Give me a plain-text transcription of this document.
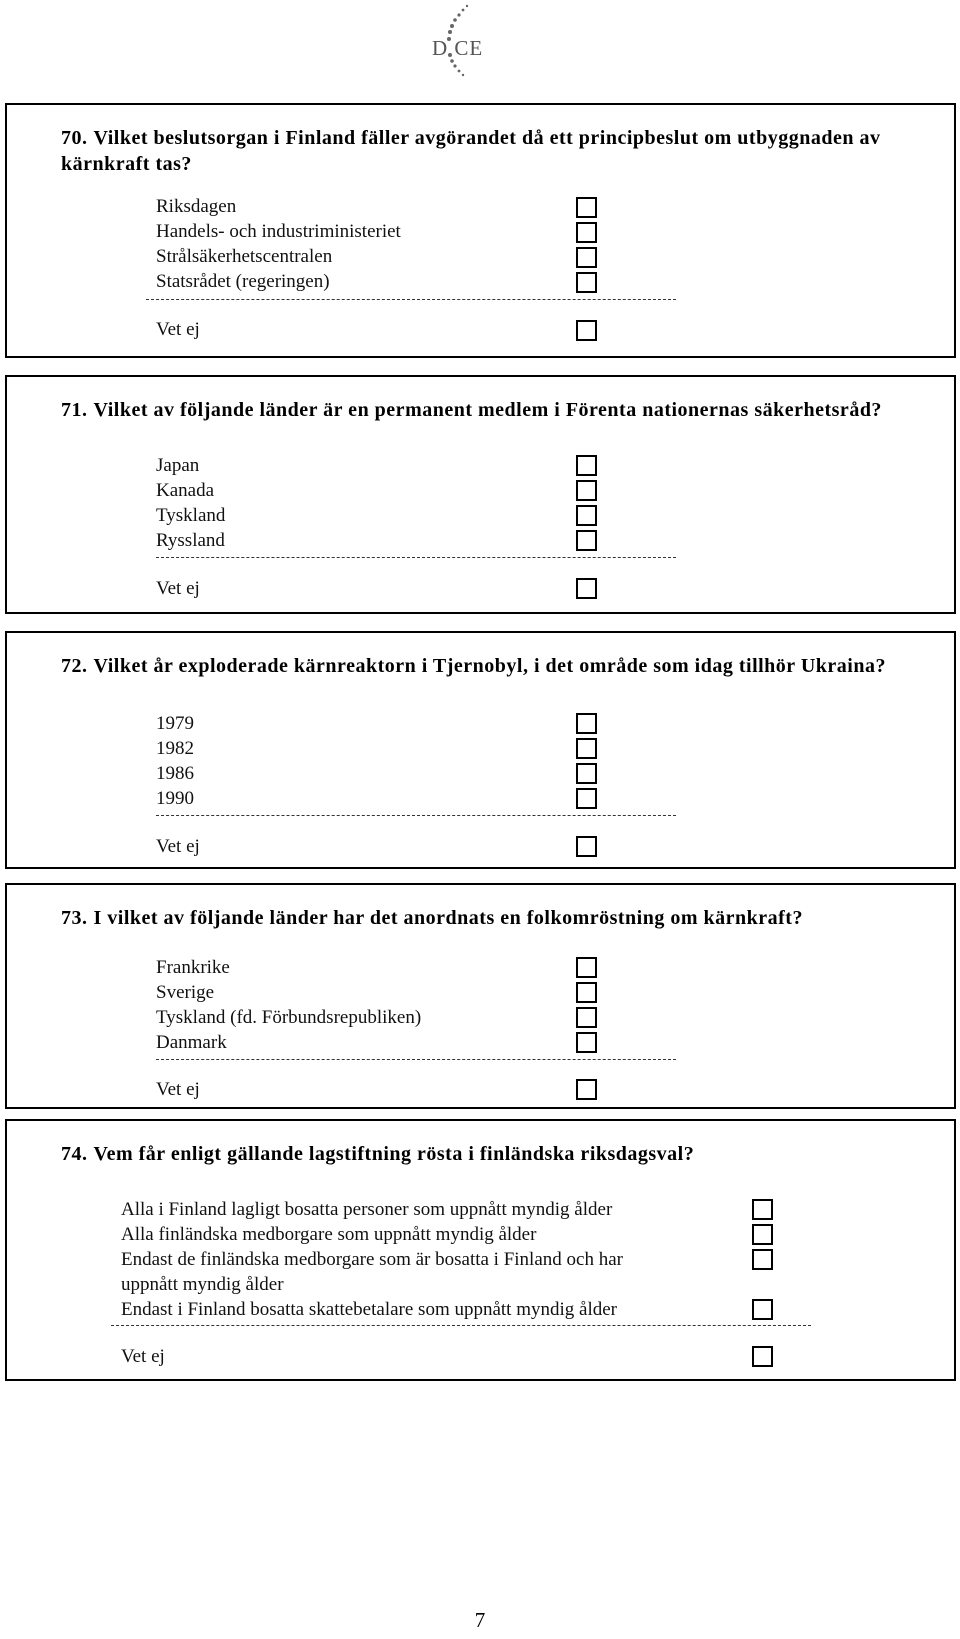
D CE
70. Vilket beslutsorgan i Finland fäller avgörandet då ett principbeslut om utbyggnaden av kärnkraft tas?
Riksdagen
Handels- och industriministeriet
Strålsäkerhetscentralen
Statsrådet (regeringen)
Vet ej
71. Vilket av följande länder är en permanent medlem i Förenta nationernas säkerhetsråd?
Japan
Kanada
Tyskland
Ryssland
Vet ej
72. Vilket år exploderade kärnreaktorn i Tjernobyl, i det område som idag tillhör Ukraina?
1979
1982
1986
1990
Vet ej
73. I vilket av följande länder har det anordnats en folkomröstning om kärnkraft?
Frankrike
Sverige
Tyskland (fd. Förbundsrepubliken)
Danmark
Vet ej
74. Vem får enligt gällande lagstiftning rösta i finländska riksdagsval?
Alla i Finland lagligt bosatta personer som uppnått myndig ålder
Alla finländska medborgare som uppnått myndig ålder
Endast de finländska medborgare som är bosatta i Finland och har
uppnått myndig ålder
Endast i Finland bosatta skattebetalare som uppnått myndig ålder
Vet ej
7
